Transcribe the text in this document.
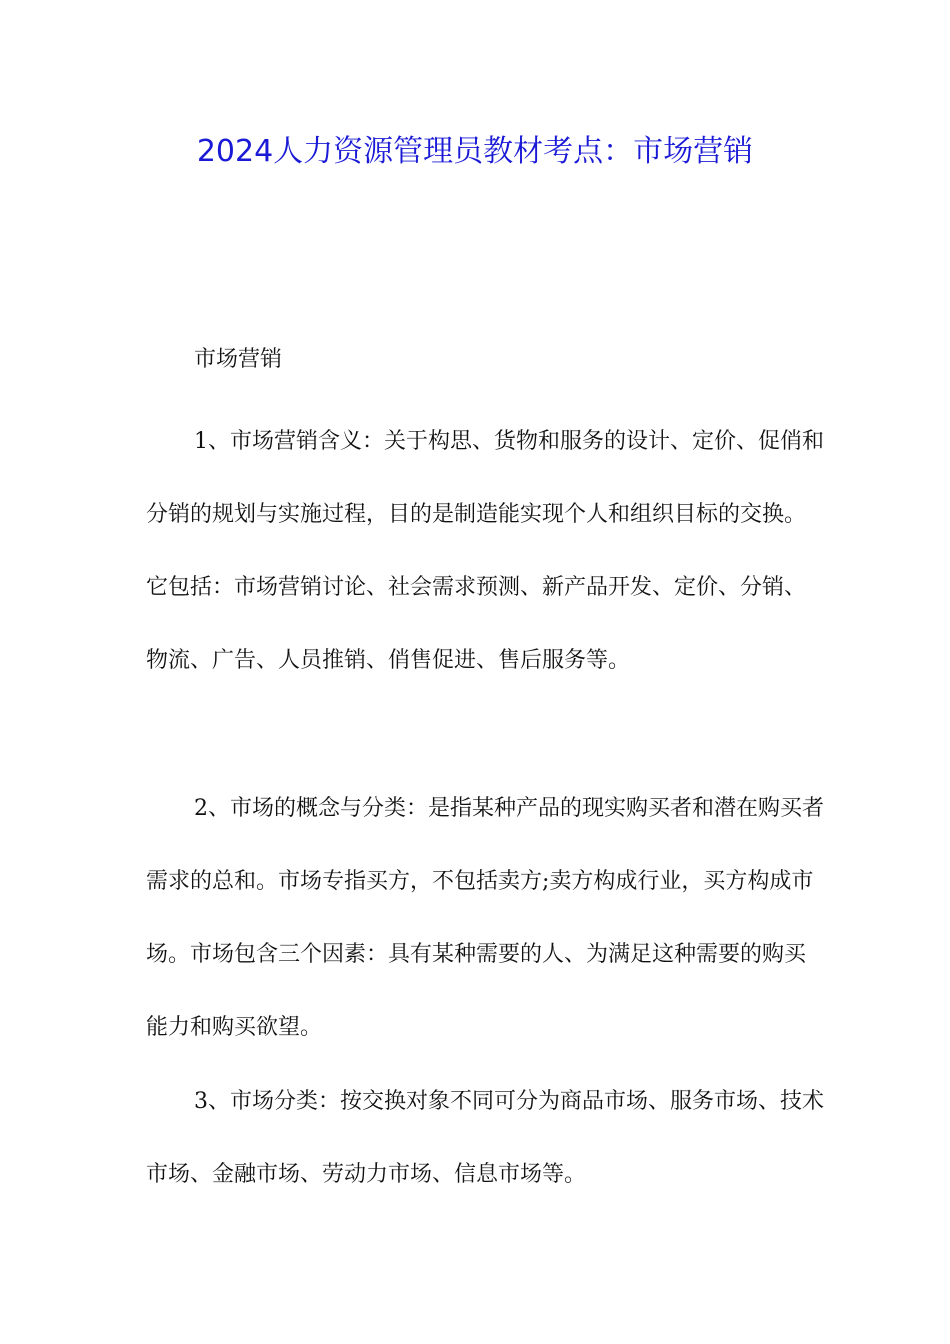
2024人力资源管理员教材考点：市场营销
市场营销

1、市场营销含义：关于构思、货物和服务的设计、定价、促俏和分销的规划与实施过程，目的是制造能实现个人和组织目标的交换。它包括：市场营销讨论、社会需求预测、新产品开发、定价、分销、物流、广告、人员推销、俏售促进、售后服务等。

2、市场的概念与分类：是指某种产品的现实购买者和潜在购买者需求的总和。市场专指买方，不包括卖方;卖方构成行业，买方构成市场。市场包含三个因素：具有某种需要的人、为满足这种需要的购买能力和购买欲望。

3、市场分类：按交换对象不同可分为商品市场、服务市场、技术市场、金融市场、劳动力市场、信息市场等。
